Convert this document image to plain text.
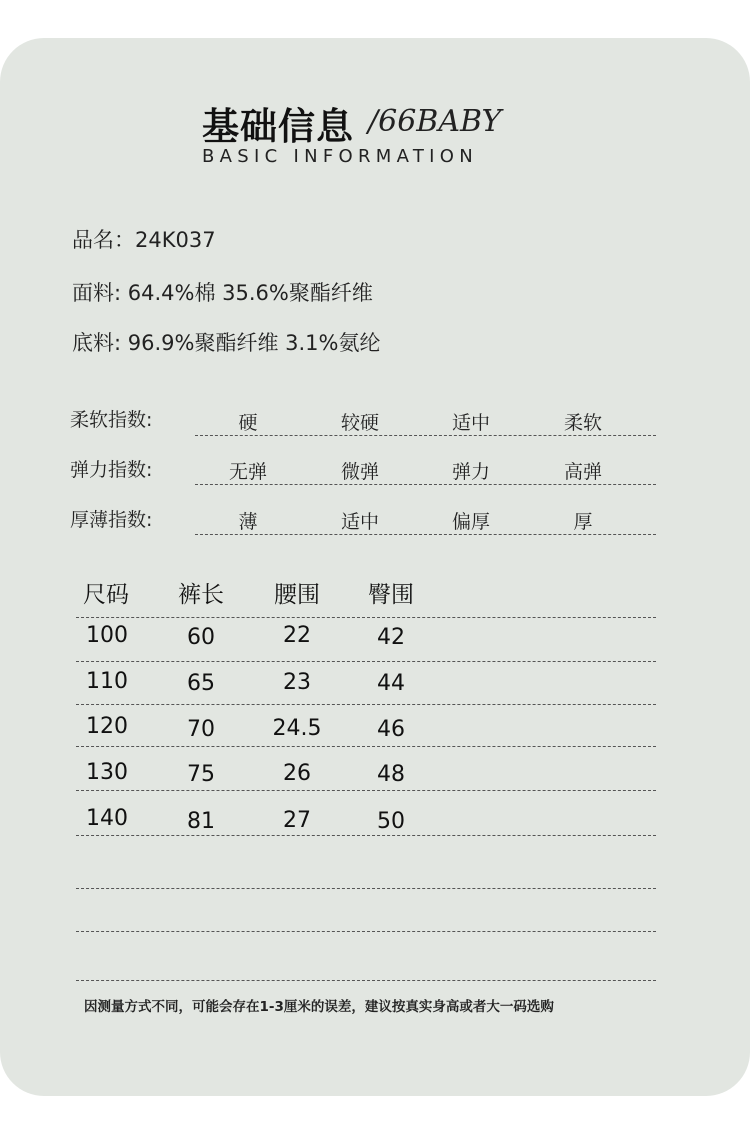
基础信息 /66BABY
BASIC INFORMATION
品名：24K037
面料: 64.4%棉 35.6%聚酯纤维
底料: 96.9%聚酯纤维 3.1%氨纶
柔软指数:	硬	较硬	适中	柔软
弹力指数:	无弹	微弹	弹力	高弹
厚薄指数:	薄	适中	偏厚	厚
尺码	裤长	腰围	臀围
100	60	22	42
110	65	23	44
120	70	24.5	46
130	75	26	48
140	81	27	50
因测量方式不同，可能会存在1-3厘米的误差，建议按真实身高或者大一码选购
